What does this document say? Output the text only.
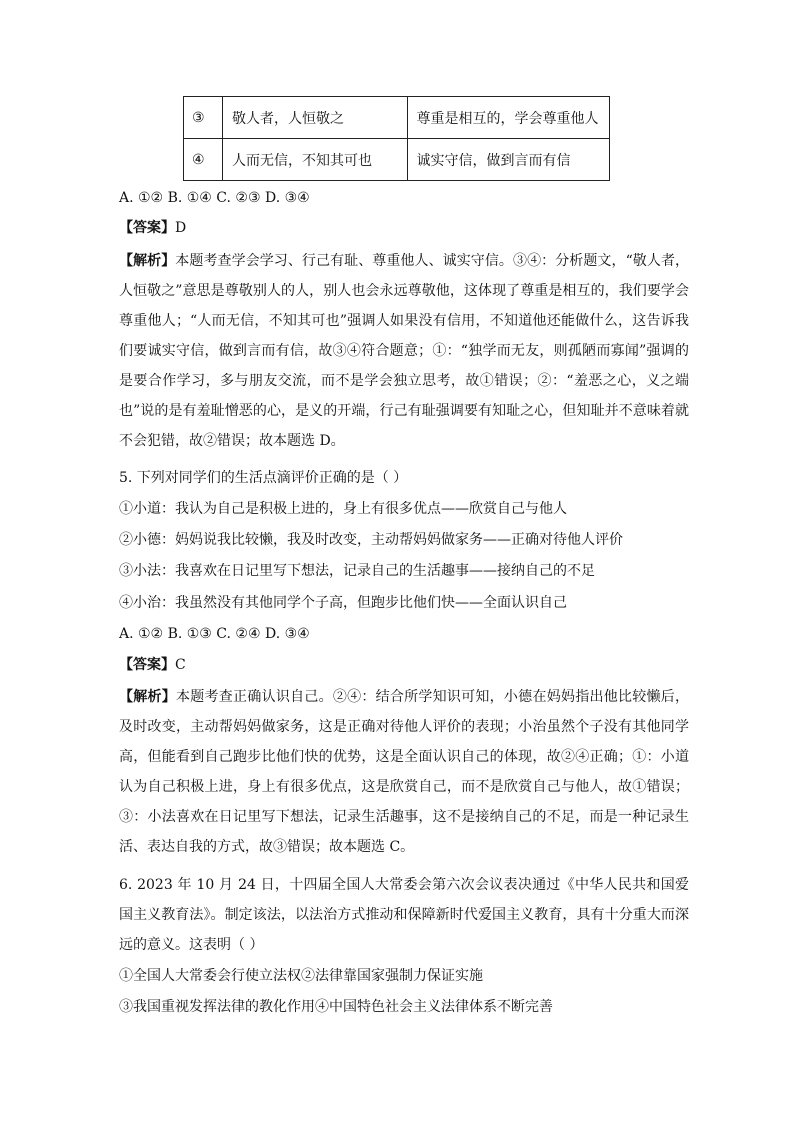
③	敬人者，人恒敬之	尊重是相互的，学会尊重他人
④	人而无信，不知其可也	诚实守信，做到言而有信
A. ①② B. ①④ C. ②③ D. ③④
【答案】D
【解析】本题考查学会学习、行己有耻、尊重他人、诚实守信。③④：分析题文，“敬人者，人恒敬之”意思是尊敬别人的人，别人也会永远尊敬他，这体现了尊重是相互的，我们要学会尊重他人；“人而无信，不知其可也”强调人如果没有信用，不知道他还能做什么，这告诉我们要诚实守信，做到言而有信，故③④符合题意；①：“独学而无友，则孤陋而寡闻”强调的是要合作学习，多与朋友交流，而不是学会独立思考，故①错误；②：“羞恶之心，义之端也”说的是有羞耻憎恶的心，是义的开端，行己有耻强调要有知耻之心，但知耻并不意味着就不会犯错，故②错误；故本题选 D。
5. 下列对同学们的生活点滴评价正确的是（ ）
①小道：我认为自己是积极上进的，身上有很多优点——欣赏自己与他人
②小德：妈妈说我比较懒，我及时改变，主动帮妈妈做家务——正确对待他人评价
③小法：我喜欢在日记里写下想法，记录自己的生活趣事——接纳自己的不足
④小治：我虽然没有其他同学个子高，但跑步比他们快——全面认识自己
A. ①② B. ①③ C. ②④ D. ③④
【答案】C
【解析】本题考查正确认识自己。②④：结合所学知识可知，小德在妈妈指出他比较懒后，及时改变，主动帮妈妈做家务，这是正确对待他人评价的表现；小治虽然个子没有其他同学高，但能看到自己跑步比他们快的优势，这是全面认识自己的体现，故②④正确；①：小道认为自己积极上进，身上有很多优点，这是欣赏自己，而不是欣赏自己与他人，故①错误；③：小法喜欢在日记里写下想法，记录生活趣事，这不是接纳自己的不足，而是一种记录生活、表达自我的方式，故③错误；故本题选 C。
6. 2023 年 10 月 24 日，十四届全国人大常委会第六次会议表决通过《中华人民共和国爱国主义教育法》。制定该法，以法治方式推动和保障新时代爱国主义教育，具有十分重大而深远的意义。这表明（ ）
①全国人大常委会行使立法权②法律靠国家强制力保证实施
③我国重视发挥法律的教化作用④中国特色社会主义法律体系不断完善
